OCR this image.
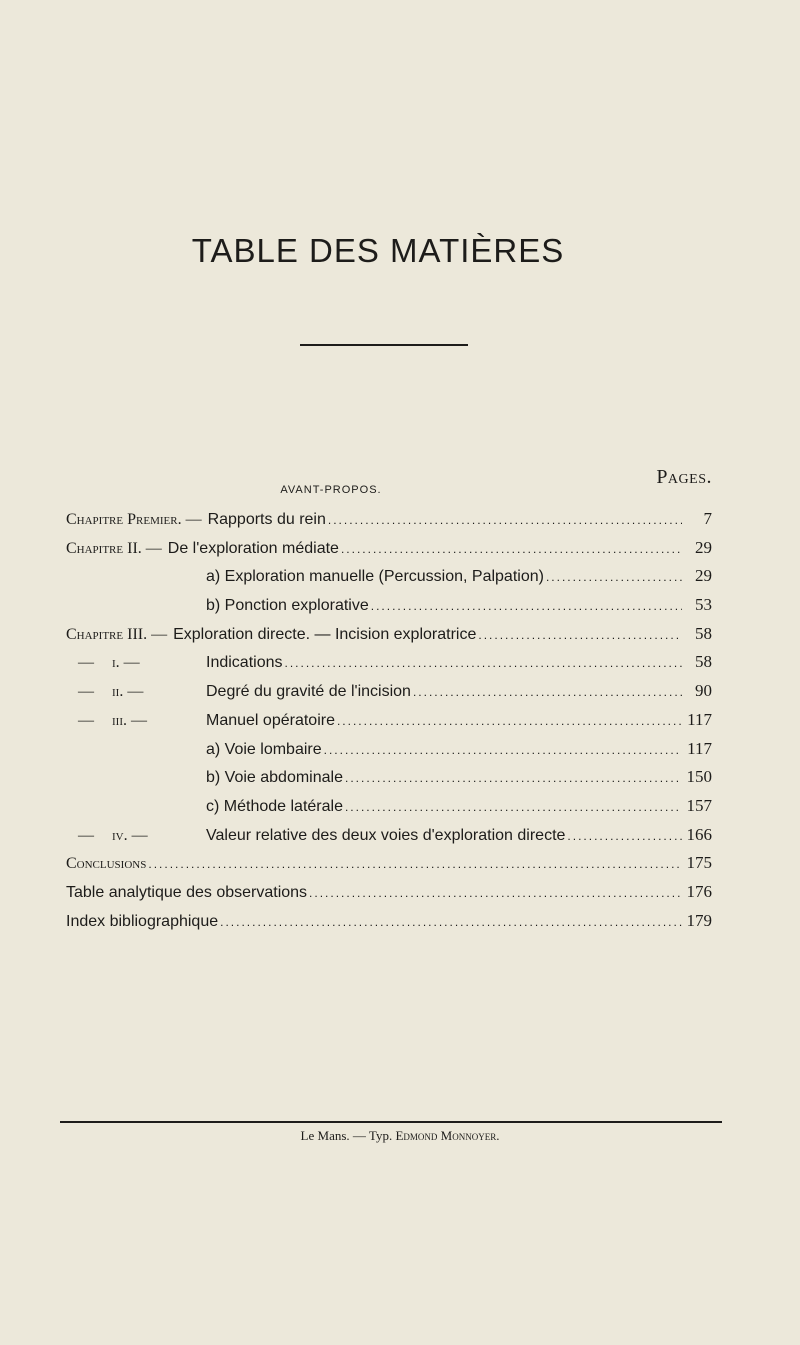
TABLE DES MATIÈRES
Pages.
AVANT-PROPOS.
Chapitre Premier. — Rapports du rein .....	7
Chapitre II. — De l'exploration médiate .....	29
a) Exploration manuelle (Percussion, Palpation) .....	29
b) Ponction explorative .....	53
Chapitre III. — Exploration directe. — Incision exploratrice .....	58
— i. —	Indications .....	58
— ii. —	Degré du gravité de l'incision .....	90
— iii. —	Manuel opératoire .....	117
a) Voie lombaire .....	117
b) Voie abdominale .....	150
c) Méthode latérale .....	157
— iv. —	Valeur relative des deux voies d'exploration directe .....	166
Conclusions .....	175
Table analytique des observations .....	176
Index bibliographique .....	179
Le Mans. — Typ. Edmond Monnoyer.
